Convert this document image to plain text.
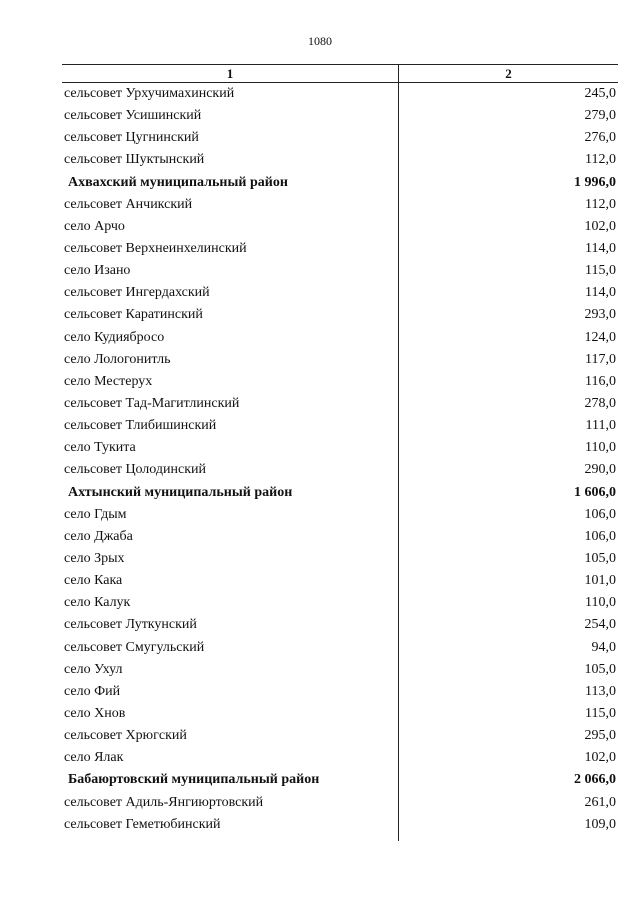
1080
1	2
сельсовет Урхучимахинский	245,0
сельсовет Усишинский	279,0
сельсовет Цугнинский	276,0
сельсовет Шуктынский	112,0
Ахвахский муниципальный район	1 996,0
сельсовет Анчикский	112,0
село Арчо	102,0
сельсовет Верхнеинхелинский	114,0
село Изано	115,0
сельсовет Ингердахский	114,0
сельсовет Каратинский	293,0
село Кудиябросо	124,0
село Лологонитль	117,0
село Местерух	116,0
сельсовет Тад-Магитлинский	278,0
сельсовет Тлибишинский	111,0
село Тукита	110,0
сельсовет Цолодинский	290,0
Ахтынский муниципальный район	1 606,0
село Гдым	106,0
село Джаба	106,0
село Зрых	105,0
село Кака	101,0
село Калук	110,0
сельсовет Луткунский	254,0
сельсовет Смугульский	94,0
село Ухул	105,0
село Фий	113,0
село Хнов	115,0
сельсовет Хрюгский	295,0
село Ялак	102,0
Бабаюртовский муниципальный район	2 066,0
сельсовет Адиль-Янгиюртовский	261,0
сельсовет Геметюбинский	109,0
